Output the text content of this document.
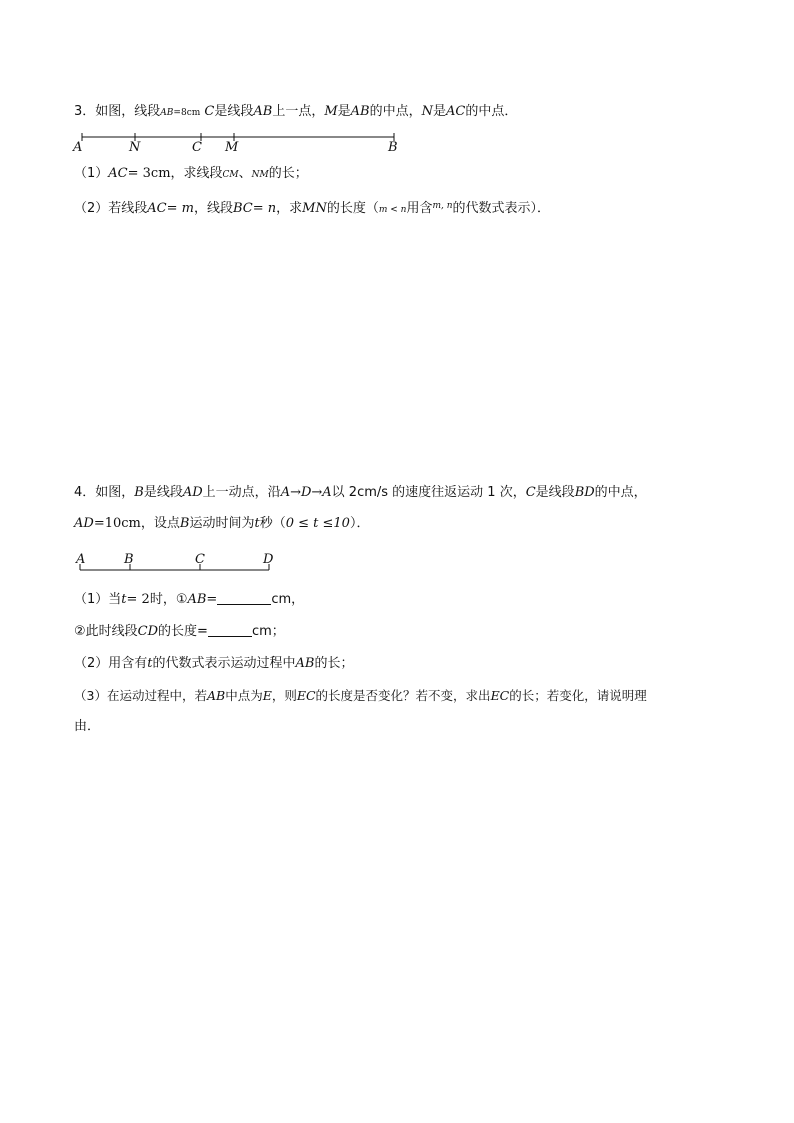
3．如图，线段AB=8cm C是线段AB上一点，M是AB的中点，N是AC的中点．
A	N	C M	B
（1）AC= 3cm，求线段CM、NM的长；
（2）若线段AC= m，线段BC= n，求MN的长度（m < n用含$^{m, n}$的代数式表示）．
4．如图，B是线段AD上一动点，沿A→D→A以 2cm/s 的速度往返运动 1 次，C是线段BD的中点，
AD=10cm，设点B运动时间为t秒（0 ≤ t ≤10）．
A	B	C	D
（1）当t= 2时，①AB=	cm，
②此时线段CD的长度=	cm；
（2）用含有t的代数式表示运动过程中AB的长；
（3）在运动过程中，若AB中点为E，则EC的长度是否变化？若不变，求出EC的长；若变化，请说明理
由．
